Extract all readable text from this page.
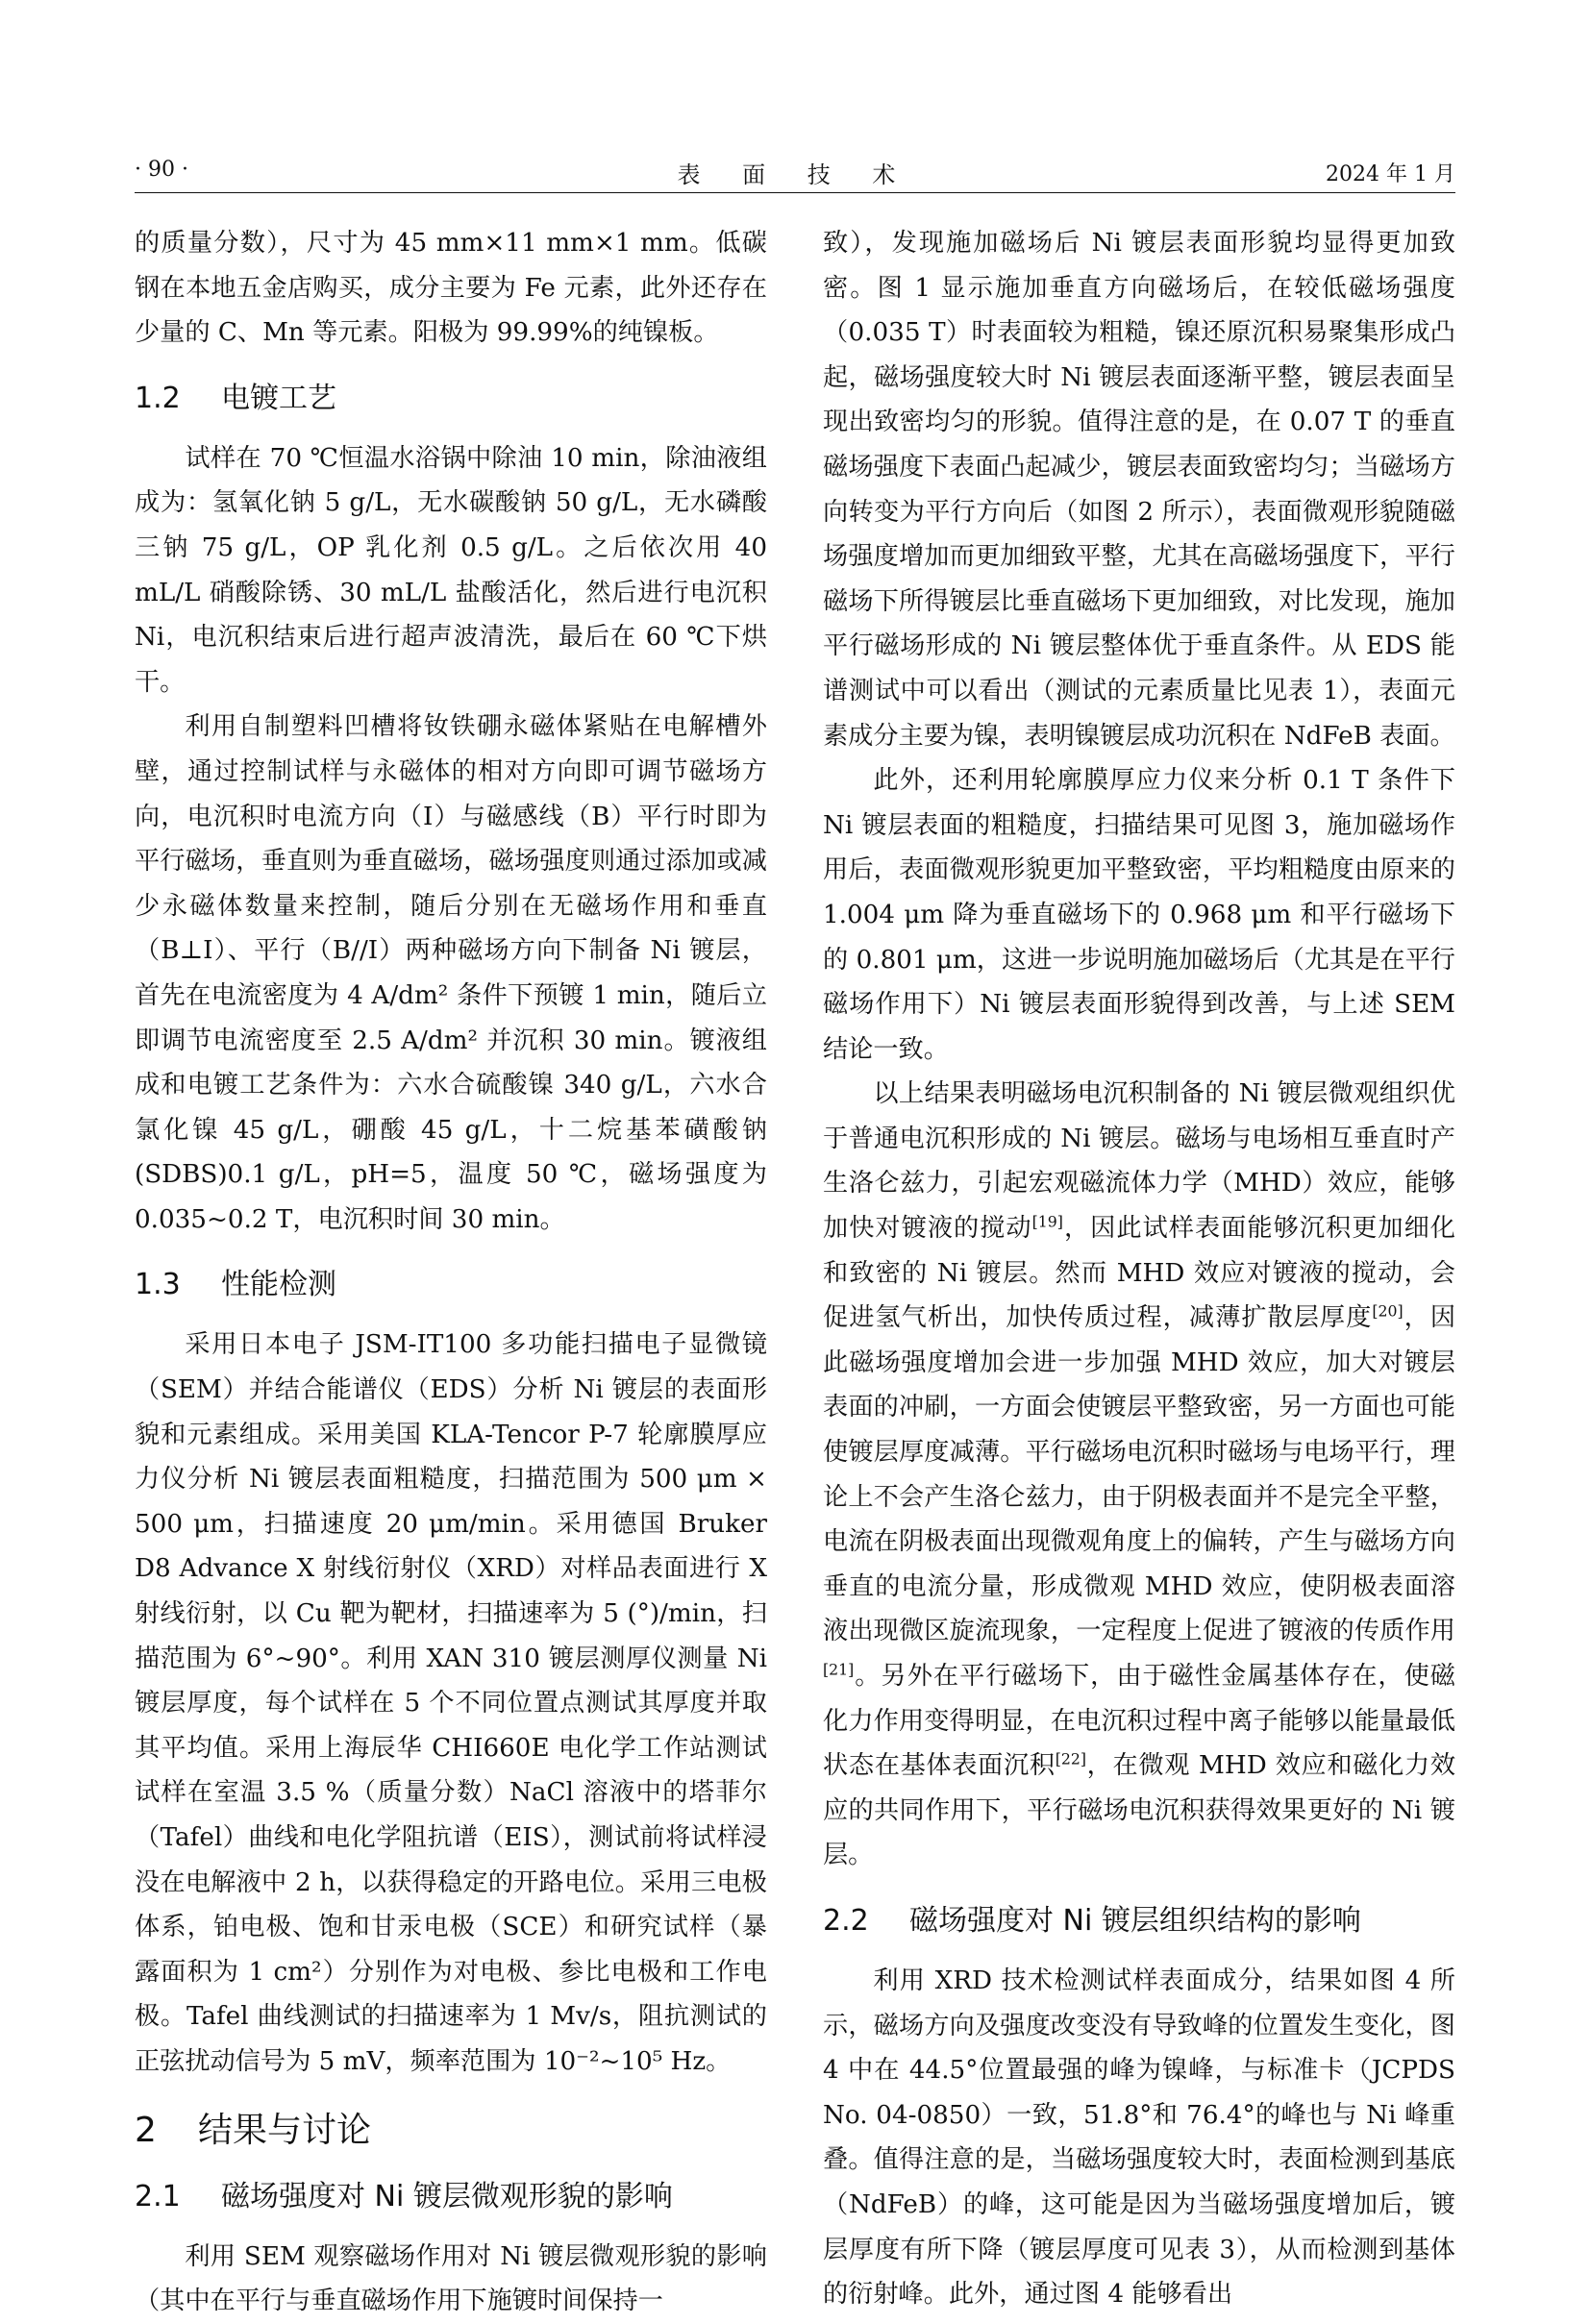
· 90 ·	表 面 技 术	2024 年 1 月

的质量分数），尺寸为 45 mm×11 mm×1 mm。低碳钢在本地五金店购买，成分主要为 Fe 元素，此外还存在少量的 C、Mn 等元素。阳极为 99.99%的纯镍板。

1.2 电镀工艺

试样在 70 ℃恒温水浴锅中除油 10 min，除油液组成为：氢氧化钠 5 g/L，无水碳酸钠 50 g/L，无水磷酸三钠 75 g/L，OP 乳化剂 0.5 g/L。之后依次用 40 mL/L 硝酸除锈、30 mL/L 盐酸活化，然后进行电沉积 Ni，电沉积结束后进行超声波清洗，最后在 60 ℃下烘干。

利用自制塑料凹槽将钕铁硼永磁体紧贴在电解槽外壁，通过控制试样与永磁体的相对方向即可调节磁场方向，电沉积时电流方向（I）与磁感线（B）平行时即为平行磁场，垂直则为垂直磁场，磁场强度则通过添加或减少永磁体数量来控制，随后分别在无磁场作用和垂直（B⊥I）、平行（B//I）两种磁场方向下制备 Ni 镀层，首先在电流密度为 4 A/dm² 条件下预镀 1 min，随后立即调节电流密度至 2.5 A/dm² 并沉积 30 min。镀液组成和电镀工艺条件为：六水合硫酸镍 340 g/L，六水合氯化镍 45 g/L，硼酸 45 g/L，十二烷基苯磺酸钠(SDBS)0.1 g/L，pH=5，温度 50 ℃，磁场强度为 0.035~0.2 T，电沉积时间 30 min。

1.3 性能检测

采用日本电子 JSM-IT100 多功能扫描电子显微镜（SEM）并结合能谱仪（EDS）分析 Ni 镀层的表面形貌和元素组成。采用美国 KLA-Tencor P-7 轮廓膜厚应力仪分析 Ni 镀层表面粗糙度，扫描范围为 500 μm × 500 μm，扫描速度 20 μm/min。采用德国 Bruker D8 Advance X 射线衍射仪（XRD）对样品表面进行 X 射线衍射，以 Cu 靶为靶材，扫描速率为 5 (°)/min，扫描范围为 6°~90°。利用 XAN 310 镀层测厚仪测量 Ni 镀层厚度，每个试样在 5 个不同位置点测试其厚度并取其平均值。采用上海辰华 CHI660E 电化学工作站测试试样在室温 3.5 %（质量分数）NaCl 溶液中的塔菲尔（Tafel）曲线和电化学阻抗谱（EIS），测试前将试样浸没在电解液中 2 h，以获得稳定的开路电位。采用三电极体系，铂电极、饱和甘汞电极（SCE）和研究试样（暴露面积为 1 cm²）分别作为对电极、参比电极和工作电极。Tafel 曲线测试的扫描速率为 1 Mv/s，阻抗测试的正弦扰动信号为 5 mV，频率范围为 10⁻²~10⁵ Hz。

2 结果与讨论
2.1 磁场强度对 Ni 镀层微观形貌的影响

利用 SEM 观察磁场作用对 Ni 镀层微观形貌的影响（其中在平行与垂直磁场作用下施镀时间保持一

致），发现施加磁场后 Ni 镀层表面形貌均显得更加致密。图 1 显示施加垂直方向磁场后，在较低磁场强度（0.035 T）时表面较为粗糙，镍还原沉积易聚集形成凸起，磁场强度较大时 Ni 镀层表面逐渐平整，镀层表面呈现出致密均匀的形貌。值得注意的是，在 0.07 T 的垂直磁场强度下表面凸起减少，镀层表面致密均匀；当磁场方向转变为平行方向后（如图 2 所示），表面微观形貌随磁场强度增加而更加细致平整，尤其在高磁场强度下，平行磁场下所得镀层比垂直磁场下更加细致，对比发现，施加平行磁场形成的 Ni 镀层整体优于垂直条件。从 EDS 能谱测试中可以看出（测试的元素质量比见表 1），表面元素成分主要为镍，表明镍镀层成功沉积在 NdFeB 表面。

此外，还利用轮廓膜厚应力仪来分析 0.1 T 条件下 Ni 镀层表面的粗糙度，扫描结果可见图 3，施加磁场作用后，表面微观形貌更加平整致密，平均粗糙度由原来的 1.004 μm 降为垂直磁场下的 0.968 μm 和平行磁场下的 0.801 μm，这进一步说明施加磁场后（尤其是在平行磁场作用下）Ni 镀层表面形貌得到改善，与上述 SEM 结论一致。

以上结果表明磁场电沉积制备的 Ni 镀层微观组织优于普通电沉积形成的 Ni 镀层。磁场与电场相互垂直时产生洛仑兹力，引起宏观磁流体力学（MHD）效应，能够加快对镀液的搅动[19]，因此试样表面能够沉积更加细化和致密的 Ni 镀层。然而 MHD 效应对镀液的搅动，会促进氢气析出，加快传质过程，减薄扩散层厚度[20]，因此磁场强度增加会进一步加强 MHD 效应，加大对镀层表面的冲刷，一方面会使镀层平整致密，另一方面也可能使镀层厚度减薄。平行磁场电沉积时磁场与电场平行，理论上不会产生洛仑兹力，由于阴极表面并不是完全平整，电流在阴极表面出现微观角度上的偏转，产生与磁场方向垂直的电流分量，形成微观 MHD 效应，使阴极表面溶液出现微区旋流现象，一定程度上促进了镀液的传质作用[21]。另外在平行磁场下，由于磁性金属基体存在，使磁化力作用变得明显，在电沉积过程中离子能够以能量最低状态在基体表面沉积[22]，在微观 MHD 效应和磁化力效应的共同作用下，平行磁场电沉积获得效果更好的 Ni 镀层。

2.2 磁场强度对 Ni 镀层组织结构的影响

利用 XRD 技术检测试样表面成分，结果如图 4 所示，磁场方向及强度改变没有导致峰的位置发生变化，图 4 中在 44.5°位置最强的峰为镍峰，与标准卡（JCPDS No. 04-0850）一致，51.8°和 76.4°的峰也与 Ni 峰重叠。值得注意的是，当磁场强度较大时，表面检测到基底（NdFeB）的峰，这可能是因为当磁场强度增加后，镀层厚度有所下降（镀层厚度可见表 3），从而检测到基体的衍射峰。此外，通过图 4 能够看出
